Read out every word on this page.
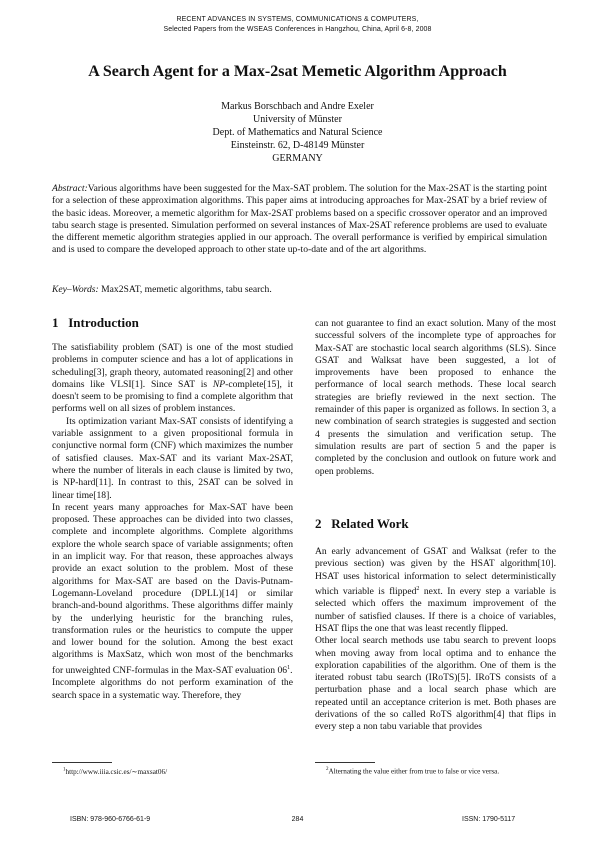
RECENT ADVANCES IN SYSTEMS, COMMUNICATIONS & COMPUTERS,
Selected Papers from the WSEAS Conferences in Hangzhou, China, April 6-8, 2008
A Search Agent for a Max-2sat Memetic Algorithm Approach
Markus Borschbach and Andre Exeler
University of Münster
Dept. of Mathematics and Natural Science
Einsteinstr. 62, D-48149 Münster
GERMANY

Abstract:Various algorithms have been suggested for the Max-SAT problem. The solution for the Max-2SAT is the starting point for a selection of these approximation algorithms. This paper aims at introducing approaches for Max-2SAT by a brief review of the basic ideas. Moreover, a memetic algorithm for Max-2SAT problems based on a specific crossover operator and an improved tabu search stage is presented. Simulation performed on several instances of Max-2SAT reference problems are used to evaluate the different memetic algorithm strategies applied in our approach. The overall performance is verified by empirical simulation and is used to compare the developed approach to other state up-to-date and of the art algorithms.

Key–Words: Max2SAT, memetic algorithms, tabu search.

1 Introduction
2 Related Work

The satisfiability problem (SAT) is one of the most studied problems in computer science and has a lot of applications in scheduling[3], graph theory, automated reasoning[2] and other domains like VLSI[1]. Since SAT is NP-complete[15], it doesn't seem to be promising to find a complete algorithm that performs well on all sizes of problem instances.

Its optimization variant Max-SAT consists of identifying a variable assignment to a given propositional formula in conjunctive normal form (CNF) which maximizes the number of satisfied clauses. Max-SAT and its variant Max-2SAT, where the number of literals in each clause is limited by two, is NP-hard[11]. In contrast to this, 2SAT can be solved in linear time[18].

In recent years many approaches for Max-SAT have been proposed. These approaches can be divided into two classes, complete and incomplete algorithms. Complete algorithms explore the whole search space of variable assignments; often in an implicit way. For that reason, these approaches always provide an exact solution to the problem. Most of these algorithms for Max-SAT are based on the Davis-Putnam-Logemann-Loveland procedure (DPLL)[14] or similar branch-and-bound algorithms. These algorithms differ mainly by the underlying heuristic for the branching rules, transformation rules or the heuristics to compute the upper and lower bound for the solution. Among the best exact algorithms is MaxSatz, which won most of the benchmarks for unweighted CNF-formulas in the Max-SAT evaluation $06^1$.

Incomplete algorithms do not perform examination of the search space in a systematic way. Therefore, they

can not guarantee to find an exact solution. Many of the most successful solvers of the incomplete type of approaches for Max-SAT are stochastic local search algorithms (SLS). Since GSAT and Walksat have been suggested, a lot of improvements have been proposed to enhance the performance of local search methods. These local search strategies are briefly reviewed in the next section. The remainder of this paper is organized as follows. In section 3, a new combination of search strategies is suggested and section 4 presents the simulation and verification setup. The simulation results are part of section 5 and the paper is completed by the conclusion and outlook on future work and open problems.

An early advancement of GSAT and Walksat (refer to the previous section) was given by the HSAT algorithm[10]. HSAT uses historical information to select deterministically which variable is flipped$^2$ next. In every step a variable is selected which offers the maximum improvement of the number of satisfied clauses. If there is a choice of variables, HSAT flips the one that was least recently flipped.

Other local search methods use tabu search to prevent loops when moving away from local optima and to enhance the exploration capabilities of the algorithm. One of them is the iterated robust tabu search (IRoTS)[5]. IRoTS consists of a perturbation phase and a local search phase which are repeated until an acceptance criterion is met. Both phases are derivations of the so called RoTS algorithm[4] that flips in every step a non tabu variable that provides

$^1$http://www.iiia.csic.es/∼maxsat06/	$^2$Alternating the value either from true to false or vice versa.
ISBN: 978-960-6766-61-9	284	ISSN: 1790-5117
